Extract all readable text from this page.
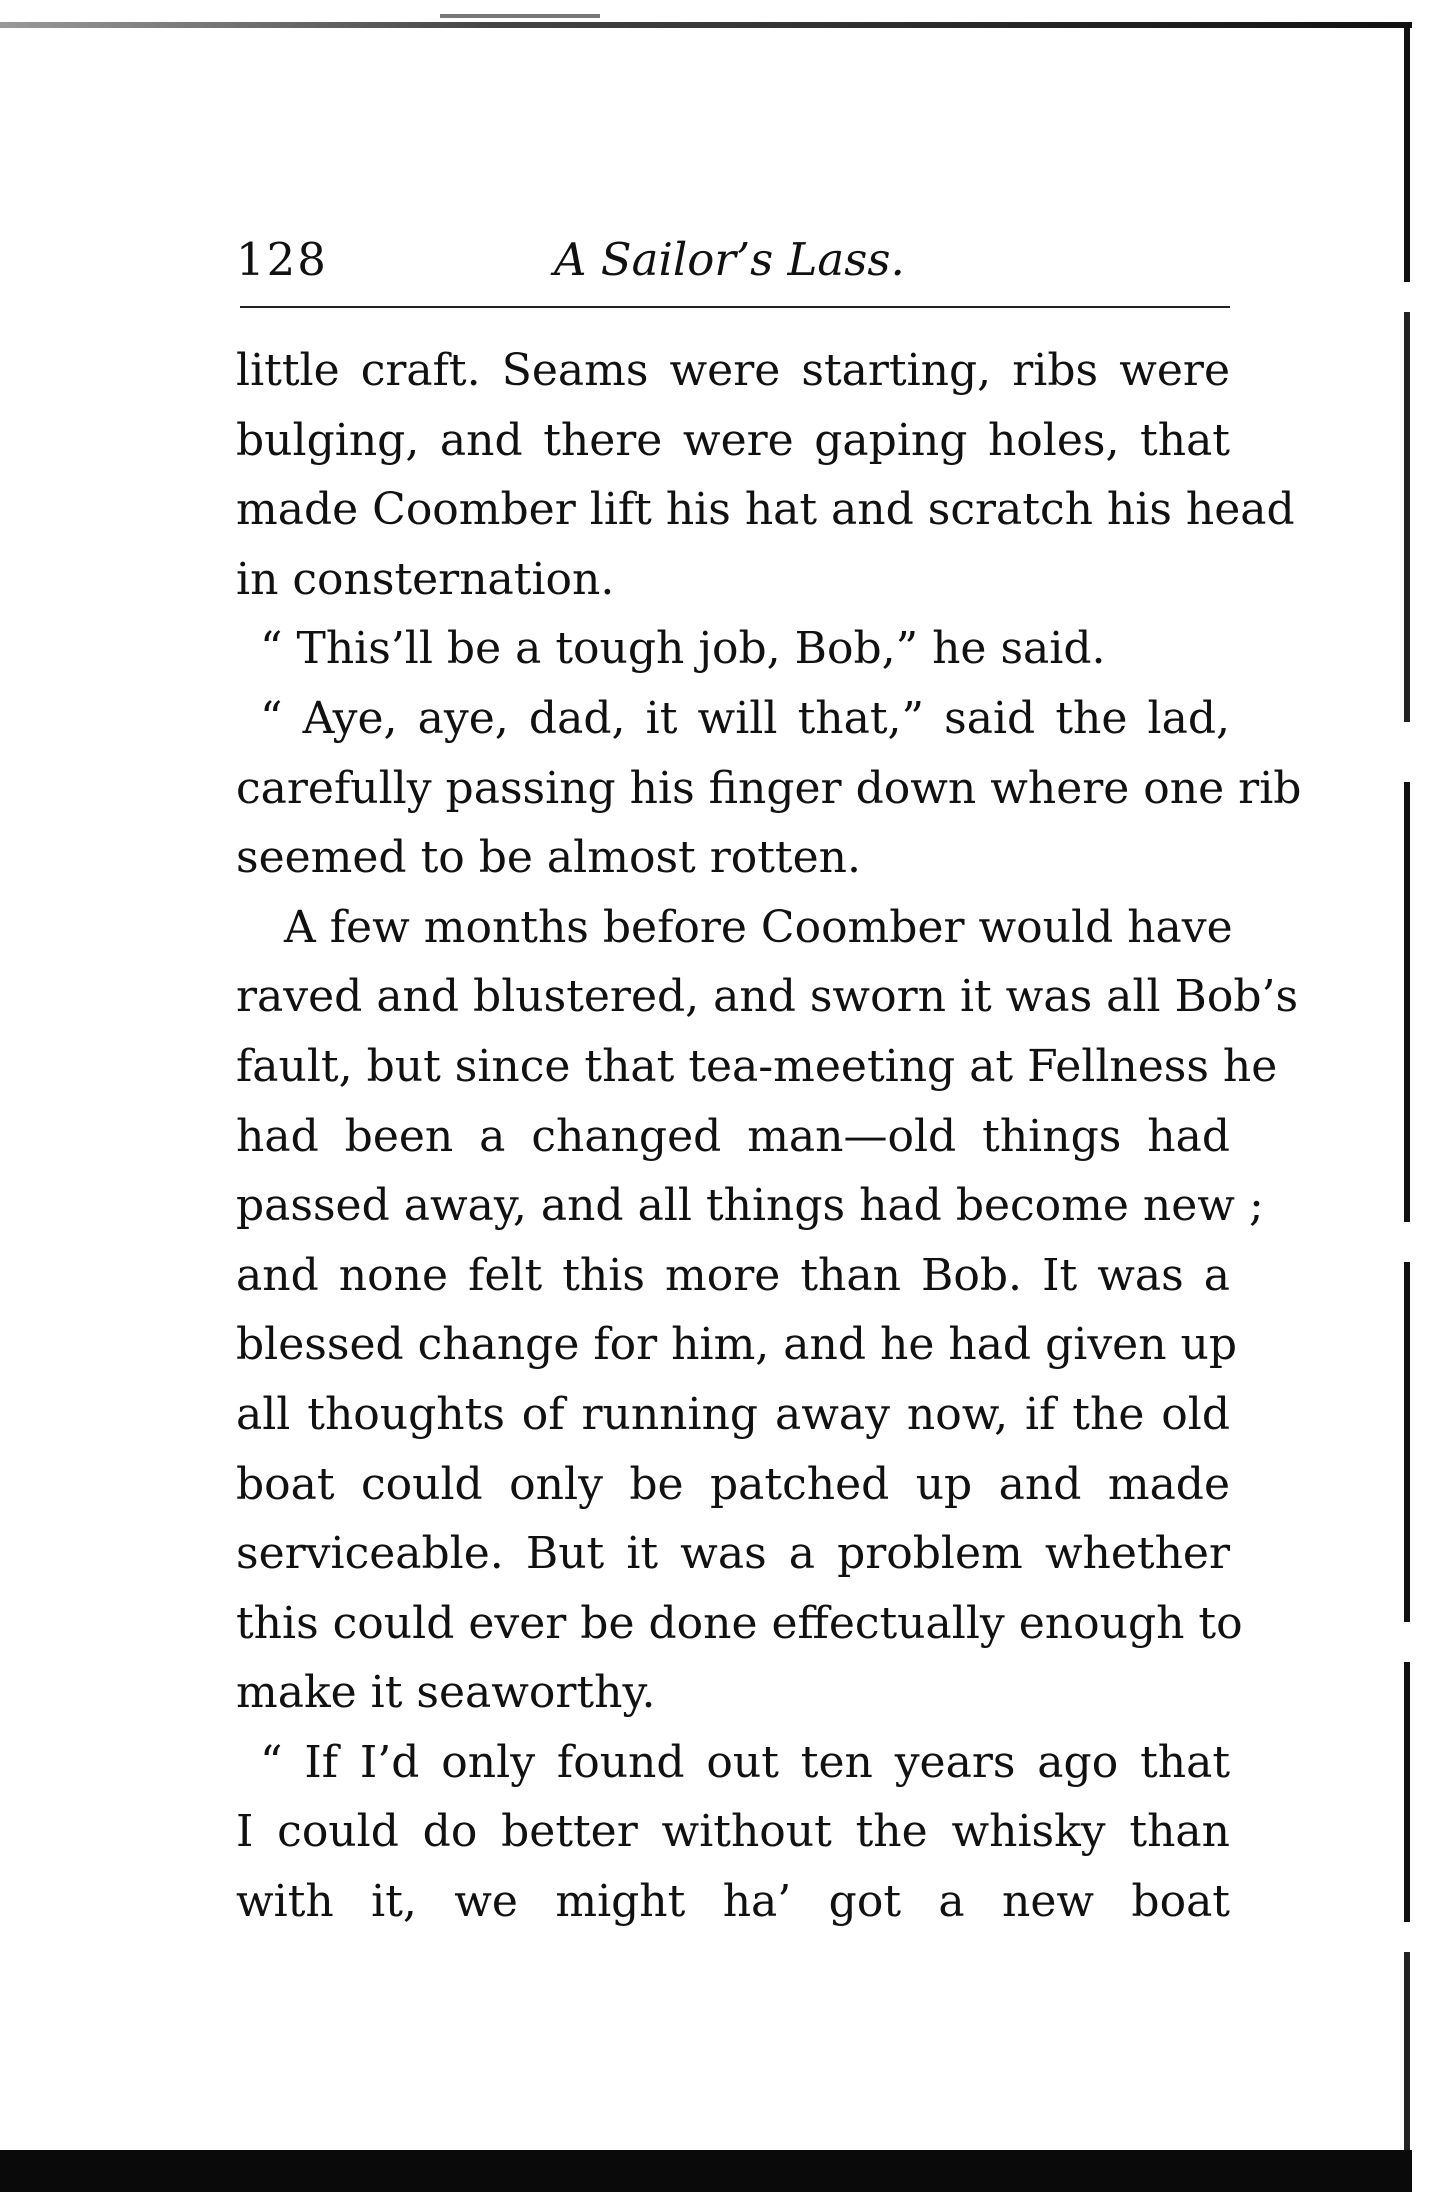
128	A Sailor’s Lass.
little craft. Seams were starting, ribs were
bulging, and there were gaping holes, that
made Coomber lift his hat and scratch his head
in consternation.
“ This’ll be a tough job, Bob,” he said.
“ Aye, aye, dad, it will that,” said the lad,
carefully passing his finger down where one rib
seemed to be almost rotten.
A few months before Coomber would have
raved and blustered, and sworn it was all Bob’s
fault, but since that tea-meeting at Fellness he
had been a changed man—old things had
passed away, and all things had become new ;
and none felt this more than Bob. It was a
blessed change for him, and he had given up
all thoughts of running away now, if the old
boat could only be patched up and made
serviceable. But it was a problem whether
this could ever be done effectually enough to
make it seaworthy.
“ If I’d only found out ten years ago that
I could do better without the whisky than
with it, we might ha’ got a new boat
